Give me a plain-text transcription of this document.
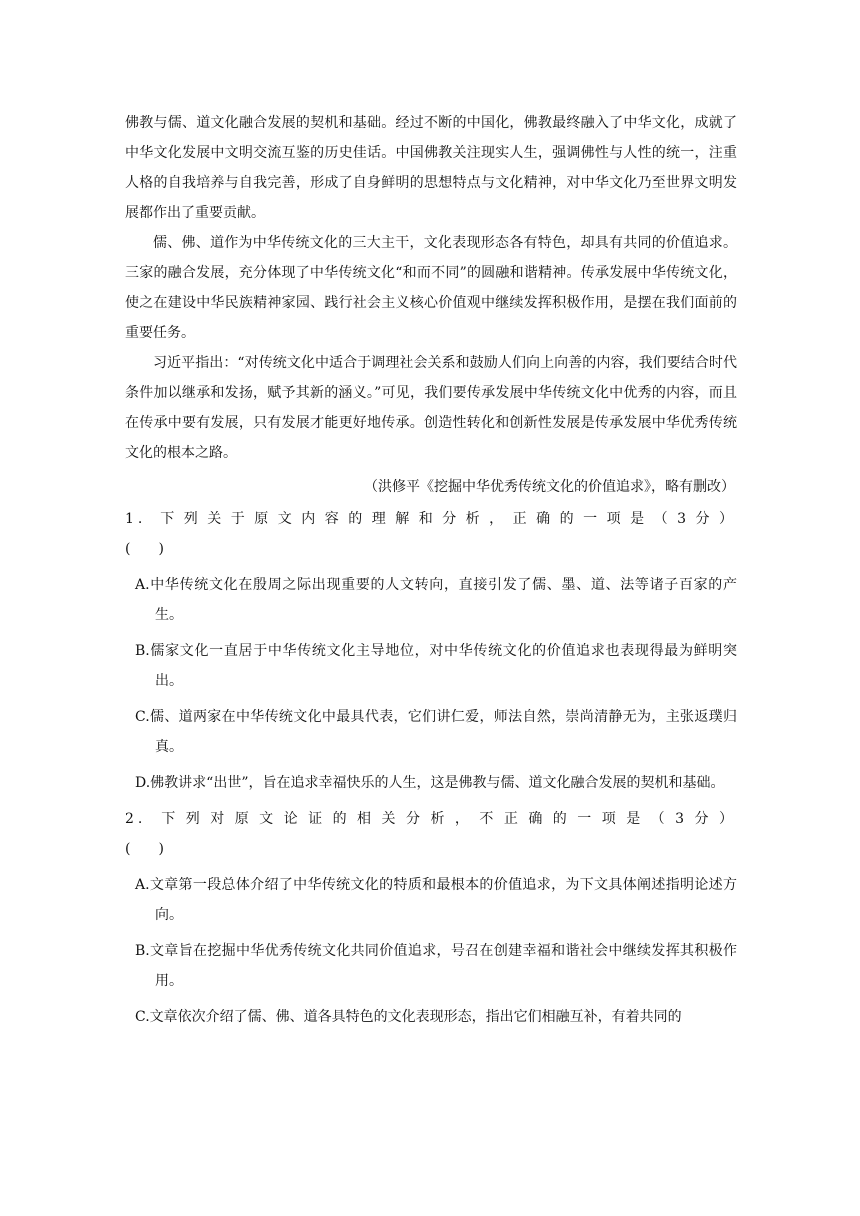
佛教与儒、道文化融合发展的契机和基础。经过不断的中国化，佛教最终融入了中华文化，成就了中华文化发展中文明交流互鉴的历史佳话。中国佛教关注现实人生，强调佛性与人性的统一，注重人格的自我培养与自我完善，形成了自身鲜明的思想特点与文化精神，对中华文化乃至世界文明发展都作出了重要贡献。

儒、佛、道作为中华传统文化的三大主干，文化表现形态各有特色，却具有共同的价值追求。三家的融合发展，充分体现了中华传统文化“和而不同”的圆融和谐精神。传承发展中华传统文化，使之在建设中华民族精神家园、践行社会主义核心价值观中继续发挥积极作用，是摆在我们面前的重要任务。

习近平指出：“对传统文化中适合于调理社会关系和鼓励人们向上向善的内容，我们要结合时代条件加以继承和发扬，赋予其新的涵义。”可见，我们要传承发展中华传统文化中优秀的内容，而且在传承中要有发展，只有发展才能更好地传承。创造性转化和创新性发展是传承发展中华优秀传统文化的根本之路。

（洪修平《挖掘中华优秀传统文化的价值追求》，略有删改）

1. 下列关于原文内容的理解和分析，正确的一项是（3分）

(　　)

A.中华传统文化在殷周之际出现重要的人文转向，直接引发了儒、墨、道、法等诸子百家的产生。

B.儒家文化一直居于中华传统文化主导地位，对中华传统文化的价值追求也表现得最为鲜明突出。

C.儒、道两家在中华传统文化中最具代表，它们讲仁爱，师法自然，崇尚清静无为，主张返璞归真。

D.佛教讲求“出世”，旨在追求幸福快乐的人生，这是佛教与儒、道文化融合发展的契机和基础。

2. 下列对原文论证的相关分析，不正确的一项是（3分）

(　　)

A.文章第一段总体介绍了中华传统文化的特质和最根本的价值追求，为下文具体阐述指明论述方向。

B.文章旨在挖掘中华优秀传统文化共同价值追求，号召在创建幸福和谐社会中继续发挥其积极作用。

C.文章依次介绍了儒、佛、道各具特色的文化表现形态，指出它们相融互补，有着共同的
